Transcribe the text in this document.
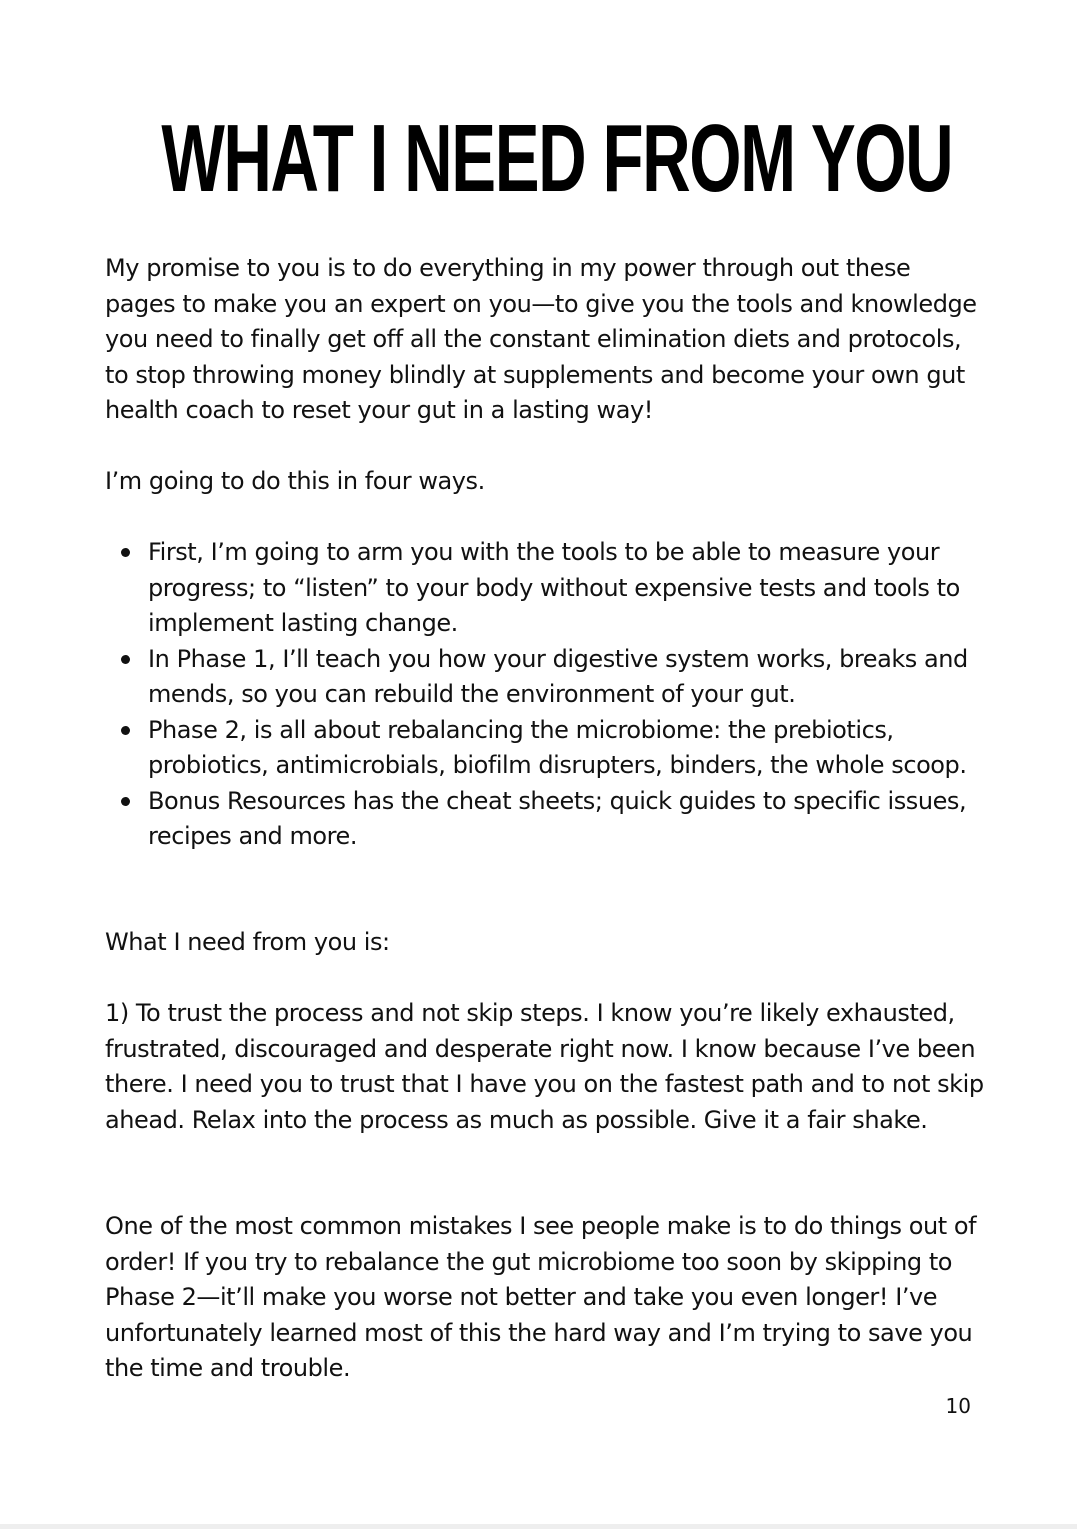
WHAT I NEED FROM YOU

My promise to you is to do everything in my power through out these pages to make you an expert on you—to give you the tools and knowledge you need to finally get off all the constant elimination diets and protocols, to stop throwing money blindly at supplements and become your own gut health coach to reset your gut in a lasting way!

I’m going to do this in four ways.

First, I’m going to arm you with the tools to be able to measure your progress; to “listen” to your body without expensive tests and tools to implement lasting change.
In Phase 1, I’ll teach you how your digestive system works, breaks and mends, so you can rebuild the environment of your gut.
Phase 2, is all about rebalancing the microbiome: the prebiotics, probiotics, antimicrobials, biofilm disrupters, binders, the whole scoop.
Bonus Resources has the cheat sheets; quick guides to specific issues, recipes and more.

What I need from you is:

1) To trust the process and not skip steps. I know you’re likely exhausted, frustrated, discouraged and desperate right now. I know because I’ve been there. I need you to trust that I have you on the fastest path and to not skip ahead. Relax into the process as much as possible. Give it a fair shake.

One of the most common mistakes I see people make is to do things out of order! If you try to rebalance the gut microbiome too soon by skipping to Phase 2—it’ll make you worse not better and take you even longer! I’ve unfortunately learned most of this the hard way and I’m trying to save you the time and trouble.

10
